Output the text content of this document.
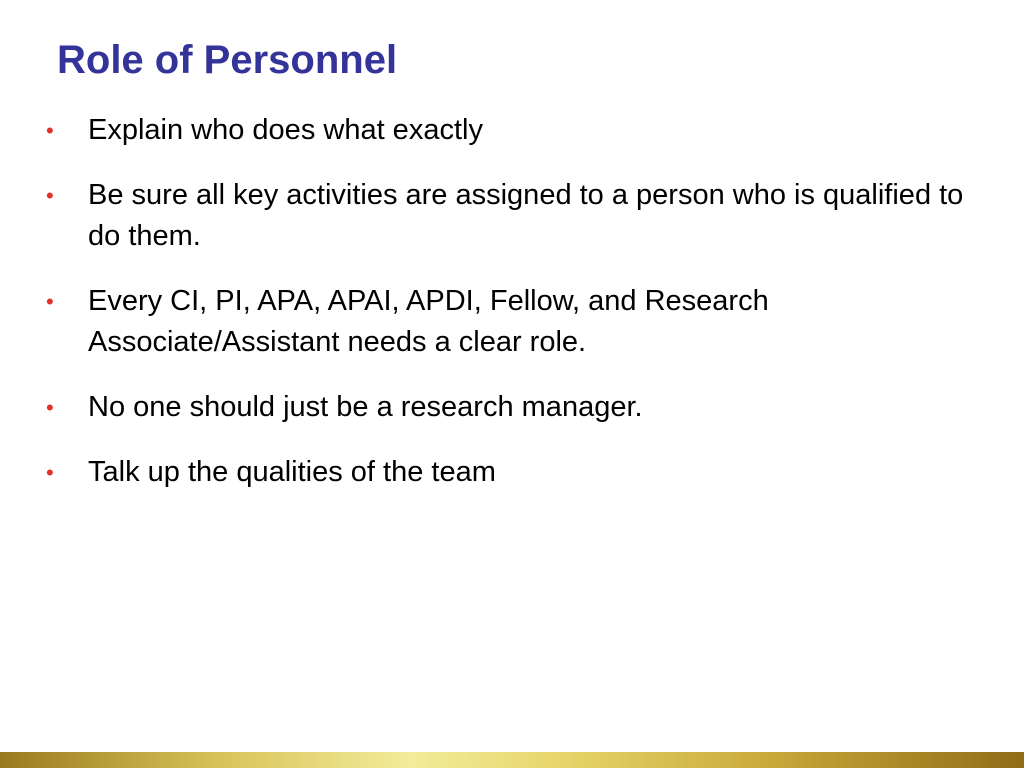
Role of Personnel
• Explain who does what exactly
• Be sure all key activities are assigned to a person who is qualified to do them.
• Every CI, PI, APA, APAI, APDI, Fellow, and Research Associate/Assistant needs a clear role.
• No one should just be a research manager.
• Talk up the qualities of the team
